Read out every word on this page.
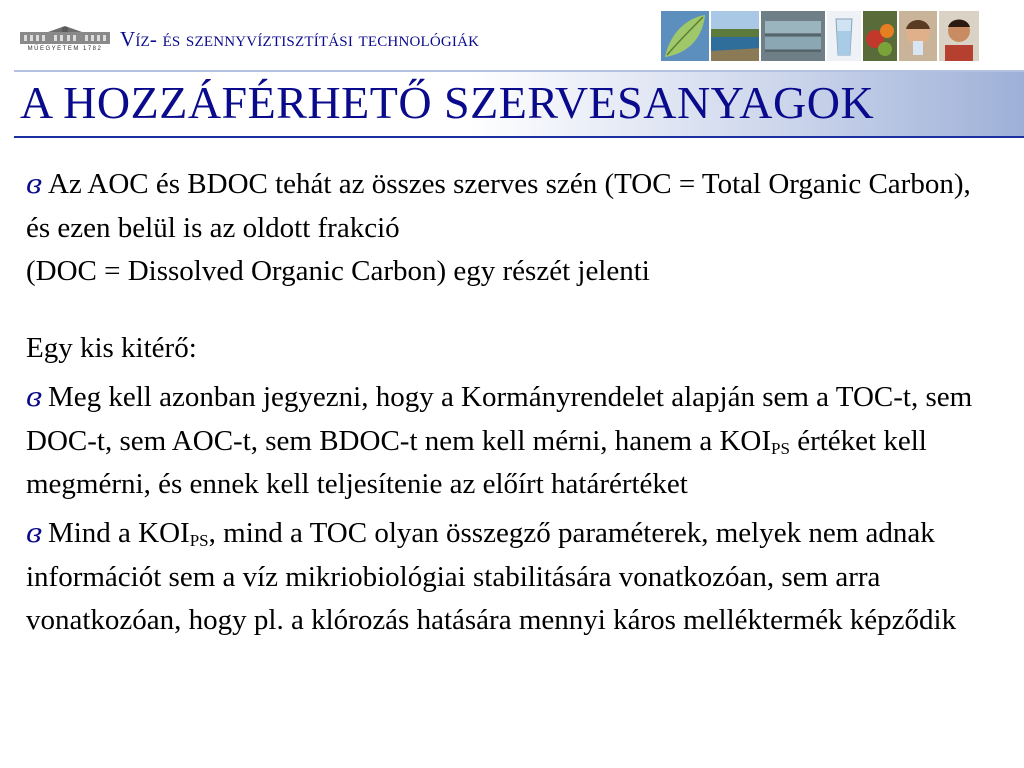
MŰEGYETEM 1782 Víz- és szennyvíztisztítási technológiák
A HOZZÁFÉRHETŐ SZERVESANYAGOK

ɞ Az AOC és BDOC tehát az összes szerves szén (TOC = Total Organic Carbon), és ezen belül is az oldott frakció
(DOC = Dissolved Organic Carbon) egy részét jelenti

Egy kis kitérő:

ɞ Meg kell azonban jegyezni, hogy a Kormányrendelet alapján sem a TOC-t, sem DOC-t, sem AOC-t, sem BDOC-t nem kell mérni, hanem a $KOI_{PS}$ értéket kell megmérni, és ennek kell teljesítenie az előírt határértéket

ɞ Mind a $KOI_{PS}$, mind a TOC olyan összegző paraméterek, melyek nem adnak információt sem a víz mikriobiológiai stabilitására vonatkozóan, sem arra vonatkozóan, hogy pl. a klórozás hatására mennyi káros melléktermék képződik
